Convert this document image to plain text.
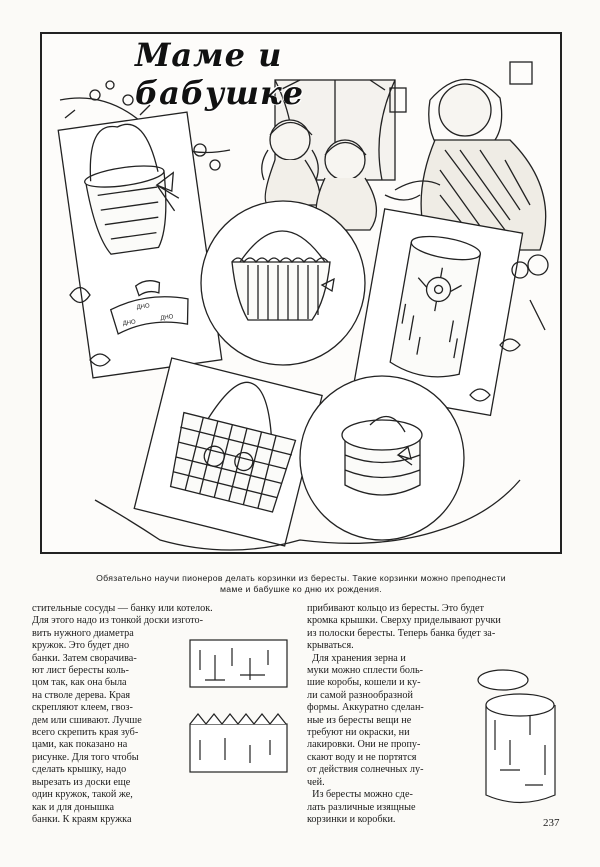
ДНО
ДНО
ДНО
Маме и бабушке
Обязательно научи пионеров делать корзинки из бересты. Такие корзинки можно преподнести
маме и бабушке ко дню их рождения.
стительные сосуды — банку или котелок.
Для этого надо из тонкой доски изгото-
вить нужного диаметра
кружок. Это будет дно
банки. Затем сворачива-
ют лист бересты коль-
цом так, как она была
на стволе дерева. Края
скрепляют клеем, гвоз-
дем или сшивают. Лучше
всего скрепить края зуб-
цами, как показано на
рисунке. Для того чтобы
сделать крышку, надо
вырезать из доски еще
один кружок, такой же,
как и для донышка
банки. К краям кружка
прибивают кольцо из бересты. Это будет
кромка крышки. Сверху приделывают ручки
из полоски бересты. Теперь банка будет за-
крываться.
Для хранения зерна и
муки можно сплести боль-
шие коробы, кошели и ку-
ли самой разнообразной
формы. Аккуратно сделан-
ные из бересты вещи не
требуют ни окраски, ни
лакировки. Они не пропу-
скают воду и не портятся
от действия солнечных лу-
чей.
Из бересты можно сде-
лать различные изящные
корзинки и коробки.	237
